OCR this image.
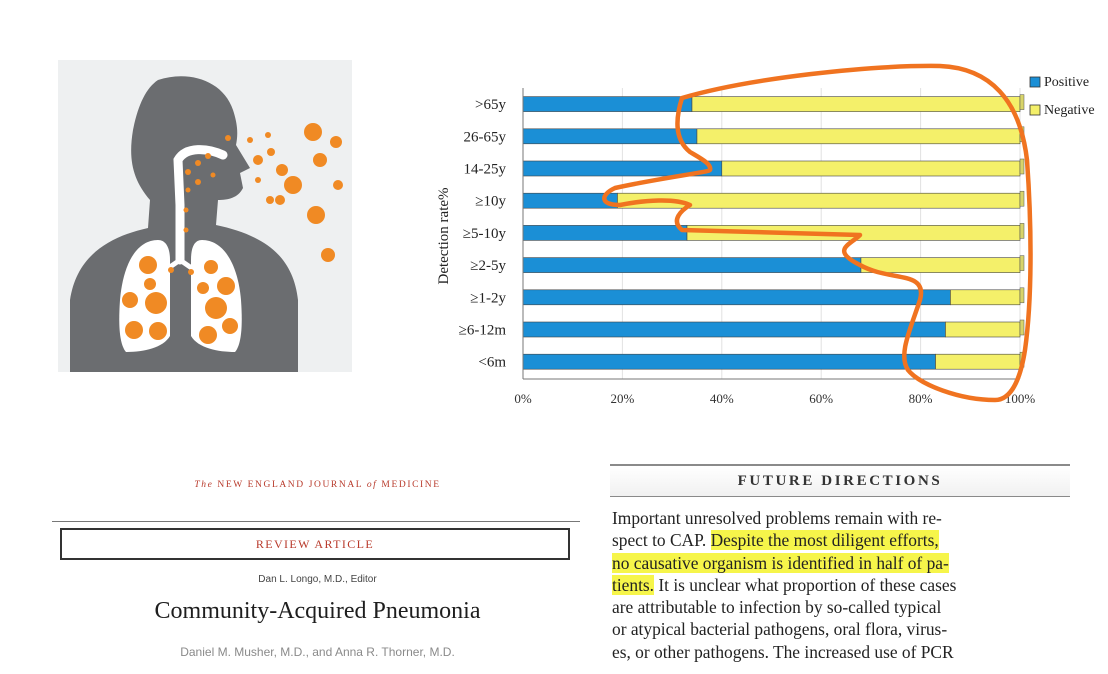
>65y
26-65y
14-25y
≥10y
≥5-10y
≥2-5y
≥1-2y
≥6-12m
<6m
0%	20%	40%	60%	80%	100%
Detection rate%
Positive
Negative
The NEW ENGLAND JOURNAL of MEDICINE
REVIEW ARTICLE
Dan L. Longo, M.D., Editor
Community-Acquired Pneumonia
Daniel M. Musher, M.D., and Anna R. Thorner, M.D.
FUTURE DIRECTIONS
Important unresolved problems remain with re-
spect to CAP. Despite the most diligent efforts,
no causative organism is identified in half of pa-
tients. It is unclear what proportion of these cases
are attributable to infection by so-called typical
or atypical bacterial pathogens, oral flora, virus-
es, or other pathogens. The increased use of PCR
